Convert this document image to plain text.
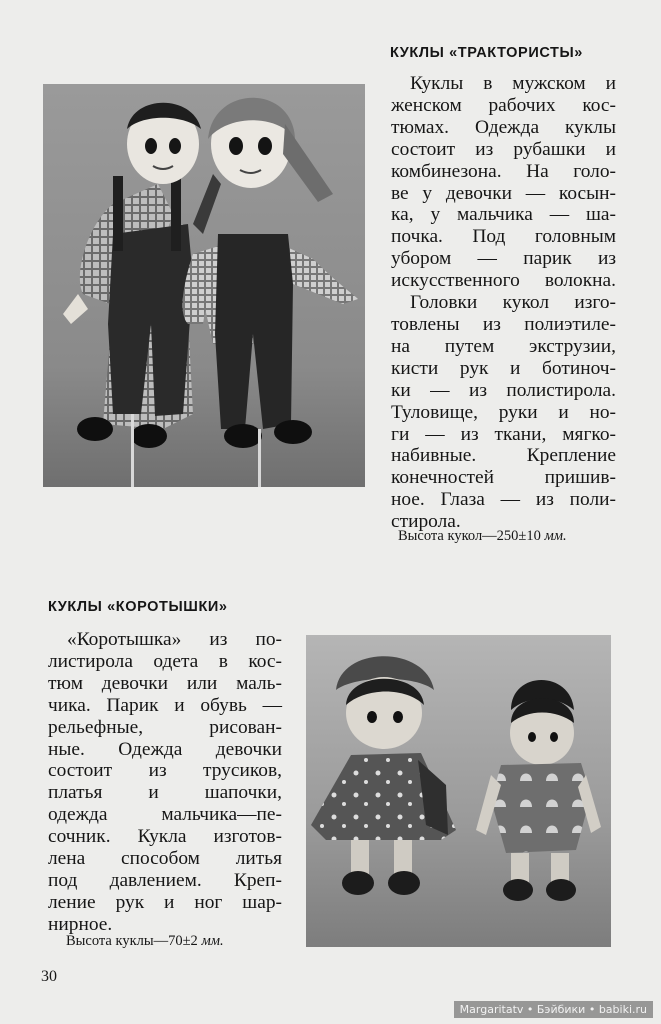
КУКЛЫ «ТРАКТОРИСТЫ»
Куклы в мужском и
женском рабочих кос-
тюмах. Одежда куклы
состоит из рубашки и
комбинезона. На голо-
ве у девочки — косын-
ка, у мальчика — ша-
почка. Под головным
убором — парик из
искусственного волокна.
Головки кукол изго-
товлены из полиэтиле-
на путем экструзии,
кисти рук и ботиноч-
ки — из полистирола.
Туловище, руки и но-
ги — из ткани, мягко-
набивные. Крепление
конечностей пришив-
ное. Глаза — из поли-
стирола.

Высота кукол—250±10 мм.

КУКЛЫ «КОРОТЫШКИ»
«Коротышка» из по-
листирола одета в кос-
тюм девочки или маль-
чика. Парик и обувь —
рельефные, рисован-
ные. Одежда девочки
состоит из трусиков,
платья и шапочки,
одежда мальчика—пе-
сочник. Кукла изготов-
лена способом литья
под давлением. Креп-
ление рук и ног шар-
нирное.

Высота куклы—70±2 мм.

30
Margaritatv • Бэйбики • babiki.ru
